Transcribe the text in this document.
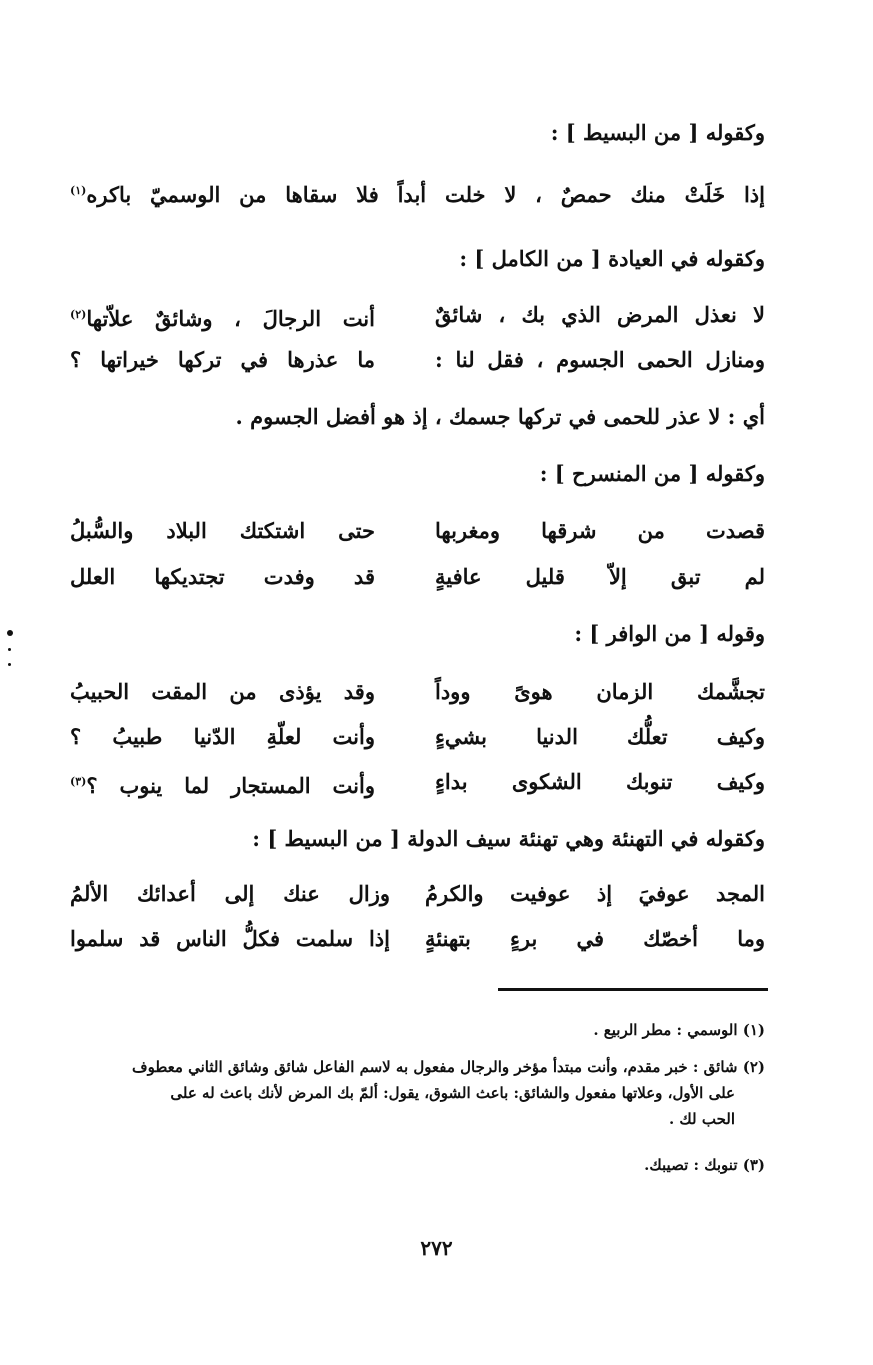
وكقوله [ من البسيط ] :
إذا خَلَتْ منك حمصٌ ، لا خلت أبداً فلا سقاها من الوسميّ باكره$^{(١)}$
وكقوله في العيادة [ من الكامل ] :
لا نعذل المرض الذي بك ، شائقٌ
أنت الرجالَ ، وشائقٌ علاّتها$^{(٢)}$
ومنازل الحمى الجسوم ، فقل لنا :
ما عذرها في تركها خيراتها ؟
أي : لا عذر للحمى في تركها جسمك ، إذ هو أفضل الجسوم .
وكقوله [ من المنسرح ] :
قصدت من شرقها ومغربها
حتى اشتكتك البلاد والسُّبلُ
لم تبق إلاّ قليل عافيةٍ
قد وفدت تجتديكها العلل
وقوله [ من الوافر ] :
تجشَّمك الزمان هوىً ووداً
وقد يؤذى من المقت الحبيبُ
وكيف تعلُّك الدنيا بشيءٍ
وأنت لعلّةِ الدّنيا طبيبُ ؟
وكيف تنوبك الشكوى بداءٍ
وأنت المستجار لما ينوب ؟$^{(٣)}$
وكقوله في التهنئة وهي تهنئة سيف الدولة [ من البسيط ] :
المجد عوفيَ إذ عوفيت والكرمُ
وزال عنك إلى أعدائك الألمُ
وما أخصّك في برءٍ بتهنئةٍ
إذا سلمت فكلُّ الناس قد سلموا
(١) الوسمي : مطر الربيع .
(٢) شائق : خبر مقدم، وأنت مبتدأ مؤخر والرجال مفعول به لاسم الفاعل شائق وشائق الثاني معطوف
على الأول، وعلاتها مفعول والشائق: باعث الشوق، يقول: ألمّ بك المرض لأنك باعث له على
الحب لك .
(٣) تنوبك : تصيبك.
٢٧٢
